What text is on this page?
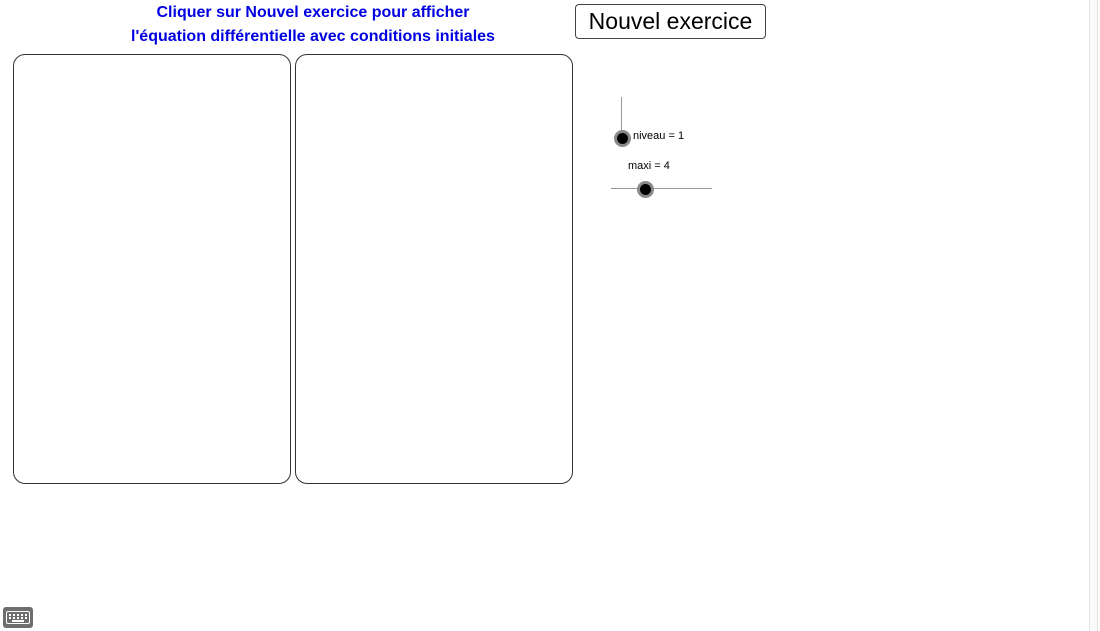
Cliquer sur Nouvel exercice pour afficher
l'équation différentielle avec conditions initiales
Nouvel exercice
niveau = 1
maxi = 4
